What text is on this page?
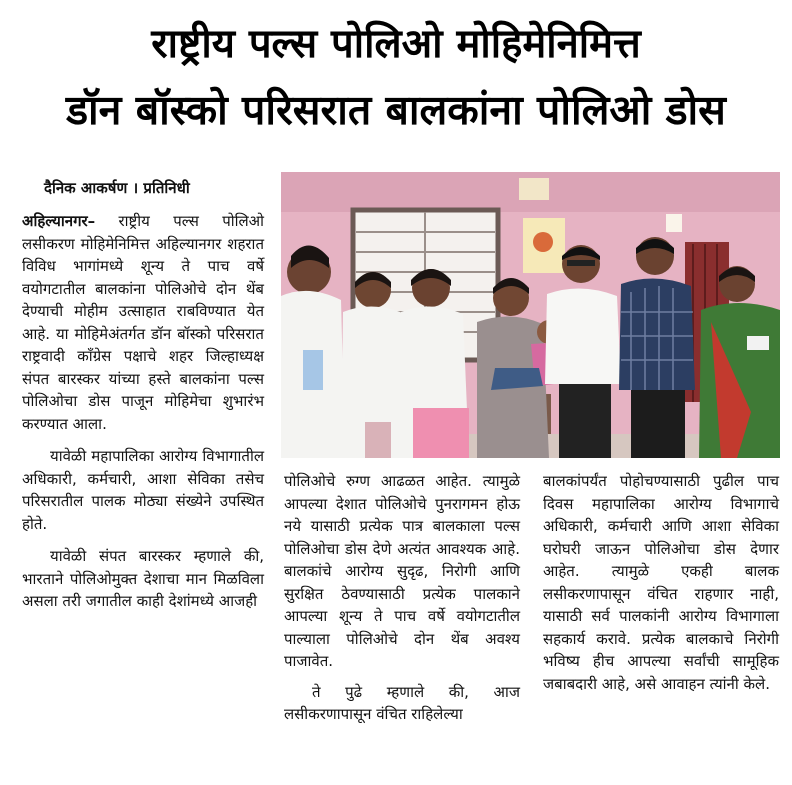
राष्ट्रीय पल्स पोलिओ मोहिमेनिमित्त
डॉन बॉस्को परिसरात बालकांना पोलिओ डोस
दैनिक आकर्षण । प्रतिनिधी

अहिल्यानगर– राष्ट्रीय पल्स पोलिओ लसीकरण मोहिमेनिमित्त अहिल्यानगर शहरात विविध भागांमध्ये शून्य ते पाच वर्षे वयोगटातील बालकांना पोलिओचे दोन थेंब देण्याची मोहीम उत्साहात राबविण्यात येत आहे. या मोहिमेअंतर्गत डॉन बॉस्को परिसरात राष्ट्रवादी काँग्रेस पक्षाचे शहर जिल्हाध्यक्ष संपत बारस्कर यांच्या हस्ते बालकांना पल्स पोलिओचा डोस पाजून मोहिमेचा शुभारंभ करण्यात आला.

यावेळी महापालिका आरोग्य विभागातील अधिकारी, कर्मचारी, आशा सेविका तसेच परिसरातील पालक मोठ्या संख्येने उपस्थित होते.

यावेळी संपत बारस्कर म्हणाले की, भारताने पोलिओमुक्त देशाचा मान मिळविला असला तरी जगातील काही देशांमध्ये आजही

पोलिओचे रुग्ण आढळत आहेत. त्यामुळे आपल्या देशात पोलिओचे पुनरागमन होऊ नये यासाठी प्रत्येक पात्र बालकाला पल्स पोलिओचा डोस देणे अत्यंत आवश्यक आहे. बालकांचे आरोग्य सुदृढ, निरोगी आणि सुरक्षित ठेवण्यासाठी प्रत्येक पालकाने आपल्या शून्य ते पाच वर्षे वयोगटातील पाल्याला पोलिओचे दोन थेंब अवश्य पाजावेत.

ते पुढे म्हणाले की, आज लसीकरणापासून वंचित राहिलेल्या

बालकांपर्यंत पोहोचण्यासाठी पुढील पाच दिवस महापालिका आरोग्य विभागाचे अधिकारी, कर्मचारी आणि आशा सेविका घरोघरी जाऊन पोलिओचा डोस देणार आहेत. त्यामुळे एकही बालक लसीकरणापासून वंचित राहणार नाही, यासाठी सर्व पालकांनी आरोग्य विभागाला सहकार्य करावे. प्रत्येक बालकाचे निरोगी भविष्य हीच आपल्या सर्वांची सामूहिक जबाबदारी आहे, असे आवाहन त्यांनी केले.
